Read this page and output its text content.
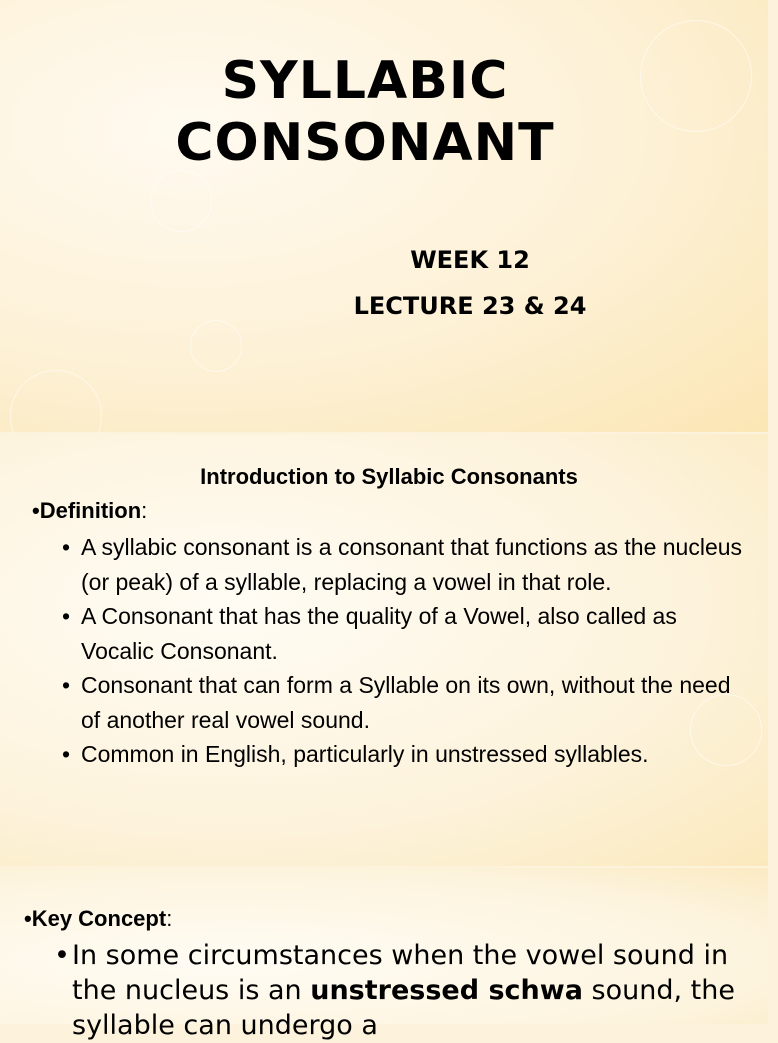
SYLLABIC
CONSONANT
WEEK 12
LECTURE 23 & 24
Introduction to Syllabic Consonants
•Definition:
• A syllabic consonant is a consonant that functions as the nucleus (or peak) of a syllable, replacing a vowel in that role.
• A Consonant that has the quality of a Vowel, also called as Vocalic Consonant.
• Consonant that can form a Syllable on its own, without the need of another real vowel sound.
• Common in English, particularly in unstressed syllables.
•Key Concept:
• In some circumstances when the vowel sound in the nucleus is an unstressed schwa sound, the syllable can undergo a
